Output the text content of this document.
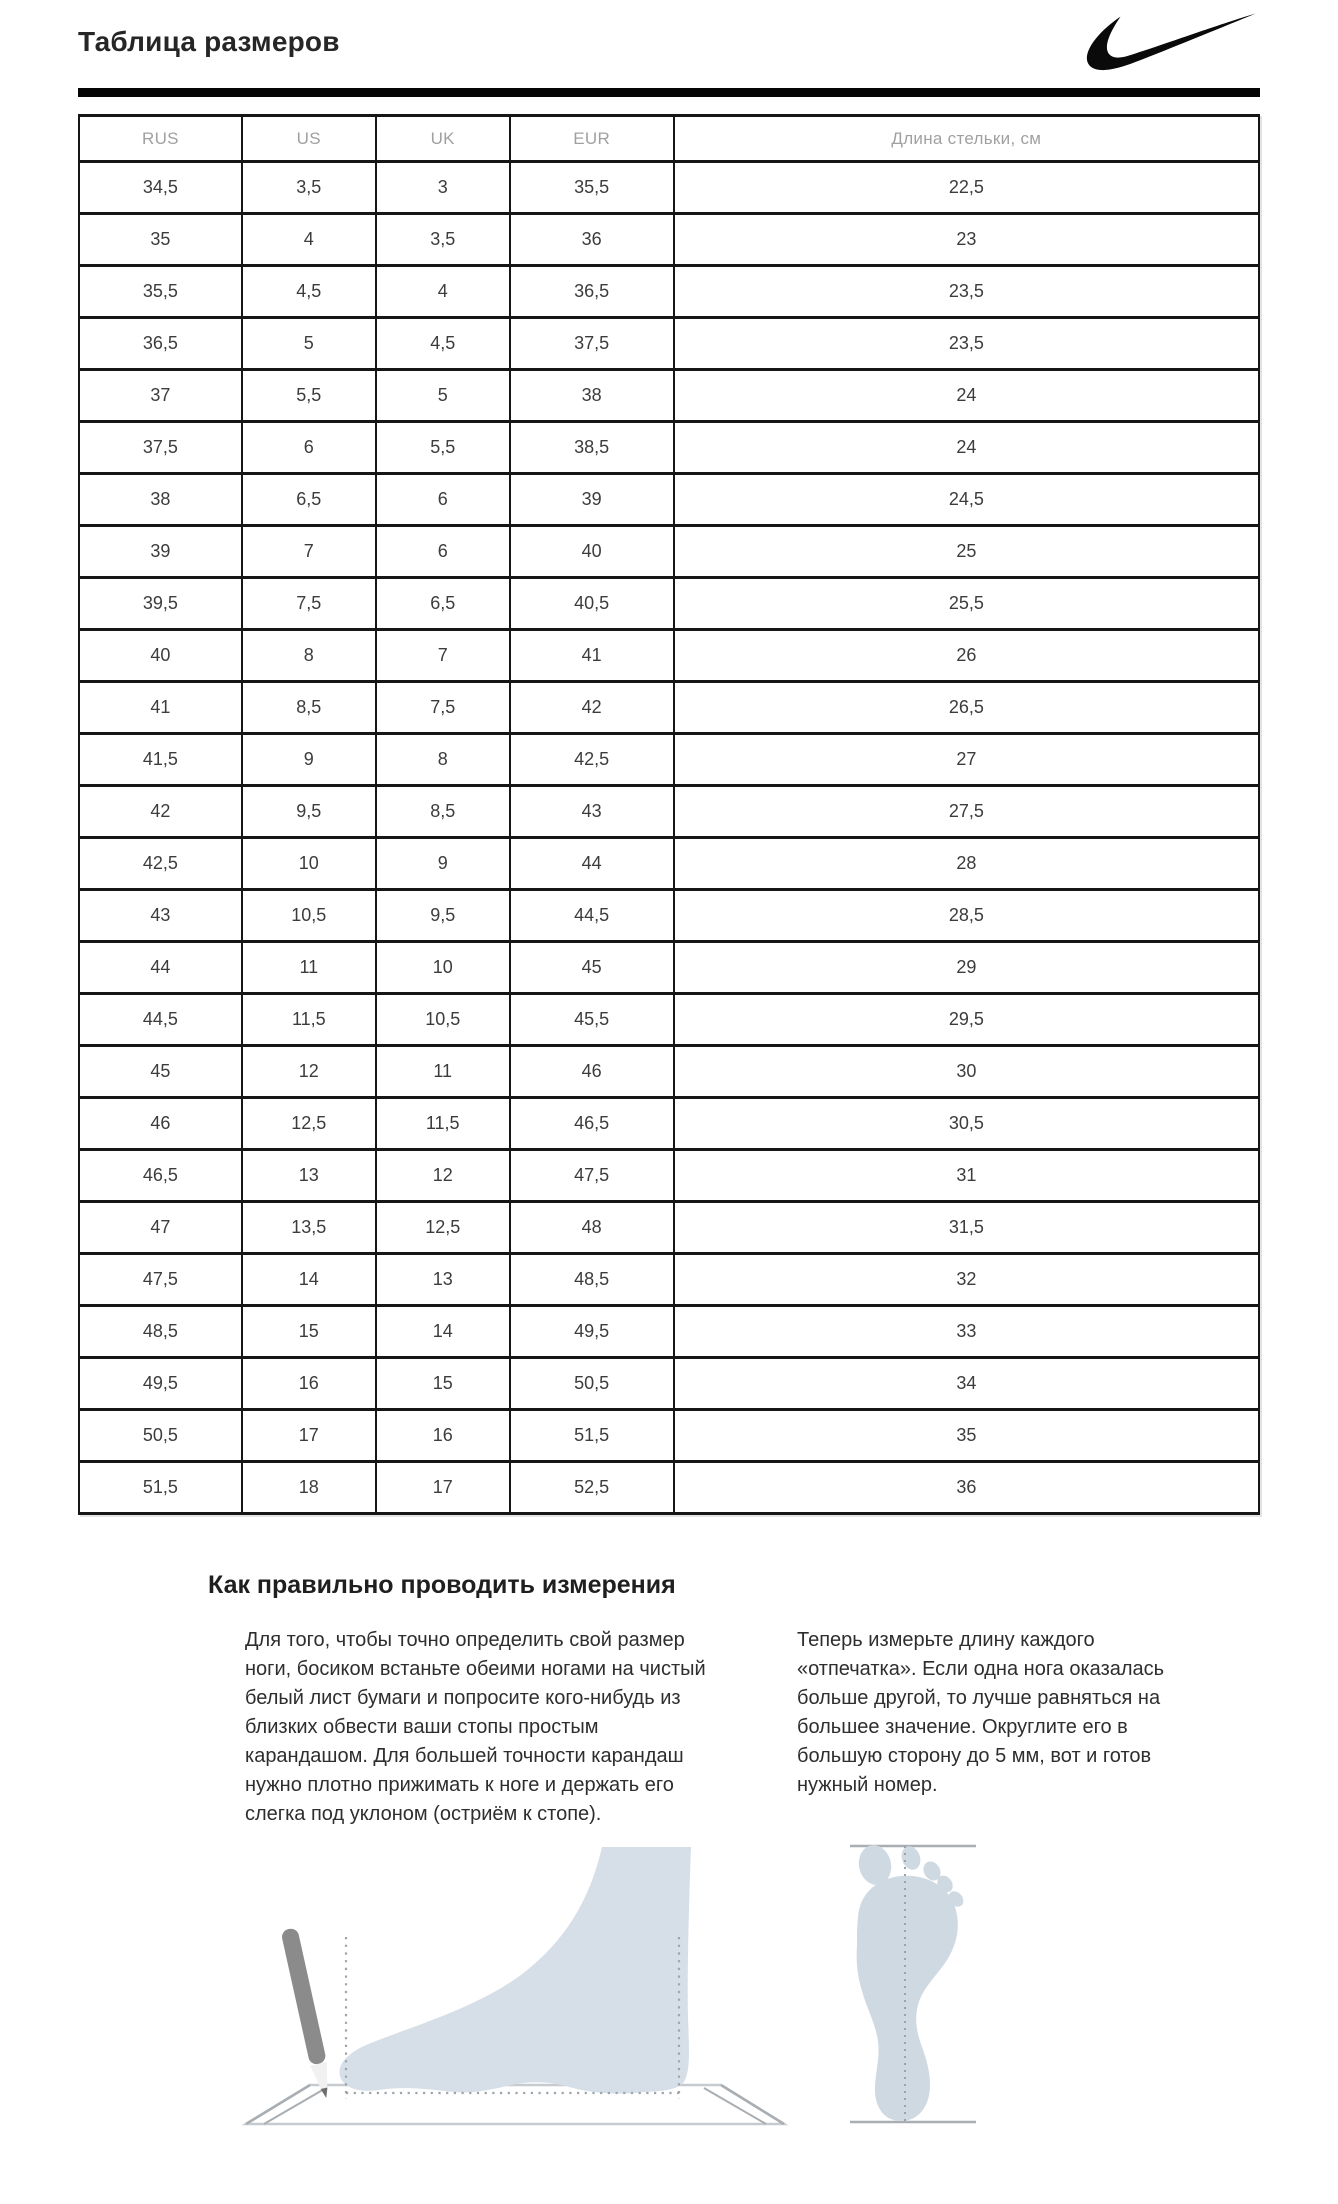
Таблица размеров
RUS	US	UK	EUR	Длина стельки, см
34,5	3,5	3	35,5	22,5
35	4	3,5	36	23
35,5	4,5	4	36,5	23,5
36,5	5	4,5	37,5	23,5
37	5,5	5	38	24
37,5	6	5,5	38,5	24
38	6,5	6	39	24,5
39	7	6	40	25
39,5	7,5	6,5	40,5	25,5
40	8	7	41	26
41	8,5	7,5	42	26,5
41,5	9	8	42,5	27
42	9,5	8,5	43	27,5
42,5	10	9	44	28
43	10,5	9,5	44,5	28,5
44	11	10	45	29
44,5	11,5	10,5	45,5	29,5
45	12	11	46	30
46	12,5	11,5	46,5	30,5
46,5	13	12	47,5	31
47	13,5	12,5	48	31,5
47,5	14	13	48,5	32
48,5	15	14	49,5	33
49,5	16	15	50,5	34
50,5	17	16	51,5	35
51,5	18	17	52,5	36
Как правильно проводить измерения

Для того, чтобы точно определить свой размер ноги, босиком встаньте обеими ногами на чистый белый лист бумаги и попросите кого-нибудь из близких обвести ваши стопы простым карандашом. Для большей точности карандаш нужно плотно прижимать к ноге и держать его слегка под уклоном (остриём к стопе).

Теперь измерьте длину каждого «отпечатка». Если одна нога оказалась больше другой, то лучше равняться на большее значение. Округлите его в большую сторону до 5 мм, вот и готов нужный номер.
